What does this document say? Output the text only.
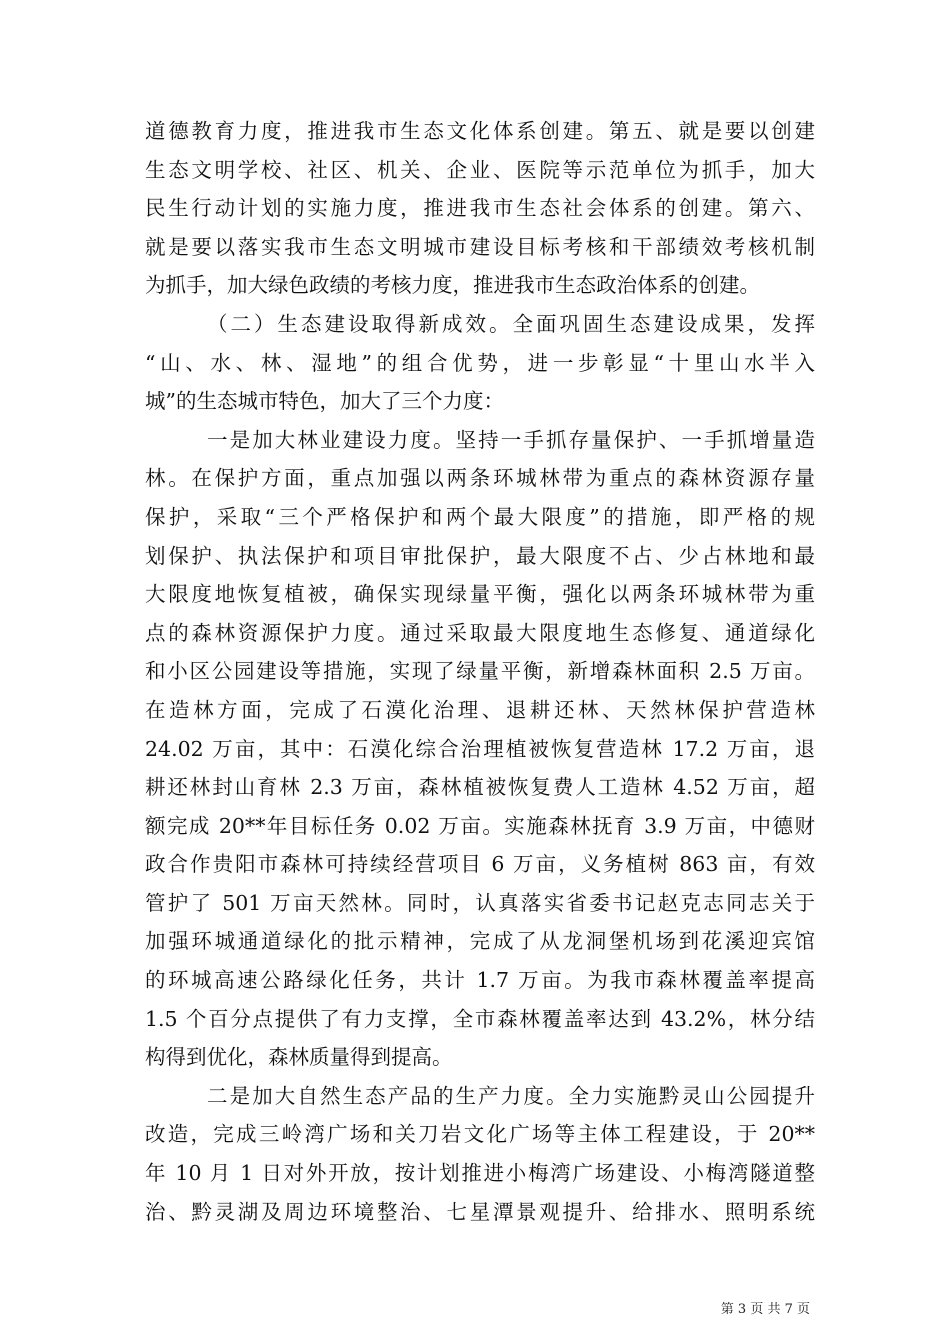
道德教育力度，推进我市生态文化体系创建。第五、就是要以创建
生态文明学校、社区、机关、企业、医院等示范单位为抓手，加大
民生行动计划的实施力度，推进我市生态社会体系的创建。第六、
就是要以落实我市生态文明城市建设目标考核和干部绩效考核机制
为抓手，加大绿色政绩的考核力度，推进我市生态政治体系的创建。
（二）生态建设取得新成效。全面巩固生态建设成果，发挥
“山、水、林、湿地”的组合优势，进一步彰显“十里山水半入
城”的生态城市特色，加大了三个力度：
一是加大林业建设力度。坚持一手抓存量保护、一手抓增量造
林。在保护方面，重点加强以两条环城林带为重点的森林资源存量
保护，采取“三个严格保护和两个最大限度”的措施，即严格的规
划保护、执法保护和项目审批保护，最大限度不占、少占林地和最
大限度地恢复植被，确保实现绿量平衡，强化以两条环城林带为重
点的森林资源保护力度。通过采取最大限度地生态修复、通道绿化
和小区公园建设等措施，实现了绿量平衡，新增森林面积 2.5 万亩。
在造林方面，完成了石漠化治理、退耕还林、天然林保护营造林
24.02 万亩，其中：石漠化综合治理植被恢复营造林 17.2 万亩，退
耕还林封山育林 2.3 万亩，森林植被恢复费人工造林 4.52 万亩，超
额完成 20**年目标任务 0.02 万亩。实施森林抚育 3.9 万亩，中德财
政合作贵阳市森林可持续经营项目 6 万亩，义务植树 863 亩，有效
管护了 501 万亩天然林。同时，认真落实省委书记赵克志同志关于
加强环城通道绿化的批示精神，完成了从龙洞堡机场到花溪迎宾馆
的环城高速公路绿化任务，共计 1.7 万亩。为我市森林覆盖率提高
1.5 个百分点提供了有力支撑，全市森林覆盖率达到 43.2%，林分结
构得到优化，森林质量得到提高。
二是加大自然生态产品的生产力度。全力实施黔灵山公园提升
改造，完成三岭湾广场和关刀岩文化广场等主体工程建设，于 20**
年 10 月 1 日对外开放，按计划推进小梅湾广场建设、小梅湾隧道整
治、黔灵湖及周边环境整治、七星潭景观提升、给排水、照明系统
第 3 页 共 7 页
